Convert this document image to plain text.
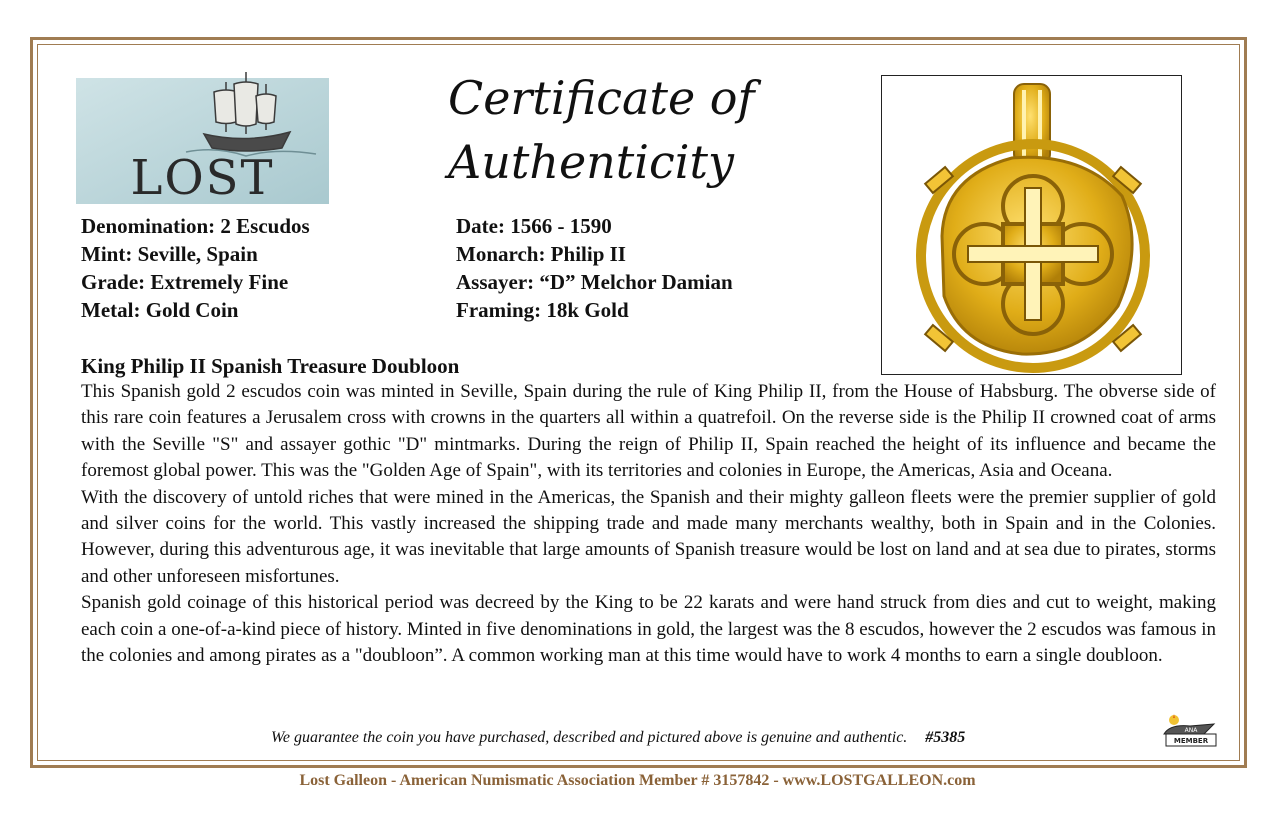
LOST
Certificate of
Authenticity
Denomination: 2 Escudos
Mint: Seville, Spain
Grade: Extremely Fine
Metal: Gold Coin
Date: 1566 - 1590
Monarch: Philip II
Assayer: “D” Melchor Damian
Framing: 18k Gold
King Philip II Spanish Treasure Doubloon

This Spanish gold 2 escudos coin was minted in Seville, Spain during the rule of King Philip II, from the House of Habsburg. The obverse side of this rare coin features a Jerusalem cross with crowns in the quarters all within a quatrefoil. On the reverse side is the Philip II crowned coat of arms with the Seville "S" and assayer gothic "D" mintmarks. During the reign of Philip II, Spain reached the height of its influence and became the foremost global power. This was the "Golden Age of Spain", with its territories and colonies in Europe, the Americas, Asia and Oceana.

With the discovery of untold riches that were mined in the Americas, the Spanish and their mighty galleon fleets were the premier supplier of gold and silver coins for the world. This vastly increased the shipping trade and made many merchants wealthy, both in Spain and in the Colonies. However, during this adventurous age, it was inevitable that large amounts of Spanish treasure would be lost on land and at sea due to pirates, storms and other unforeseen misfortunes.

Spanish gold coinage of this historical period was decreed by the King to be 22 karats and were hand struck from dies and cut to weight, making each coin a one-of-a-kind piece of history. Minted in five denominations in gold, the largest was the 8 escudos, however the 2 escudos was famous in the colonies and among pirates as a "doubloon”. A common working man at this time would have to work 4 months to earn a single doubloon.

We guarantee the coin you have purchased, described and pictured above is genuine and authentic. #5385	ANA
MEMBER
Lost Galleon - American Numismatic Association Member # 3157842 - www.LOSTGALLEON.com
